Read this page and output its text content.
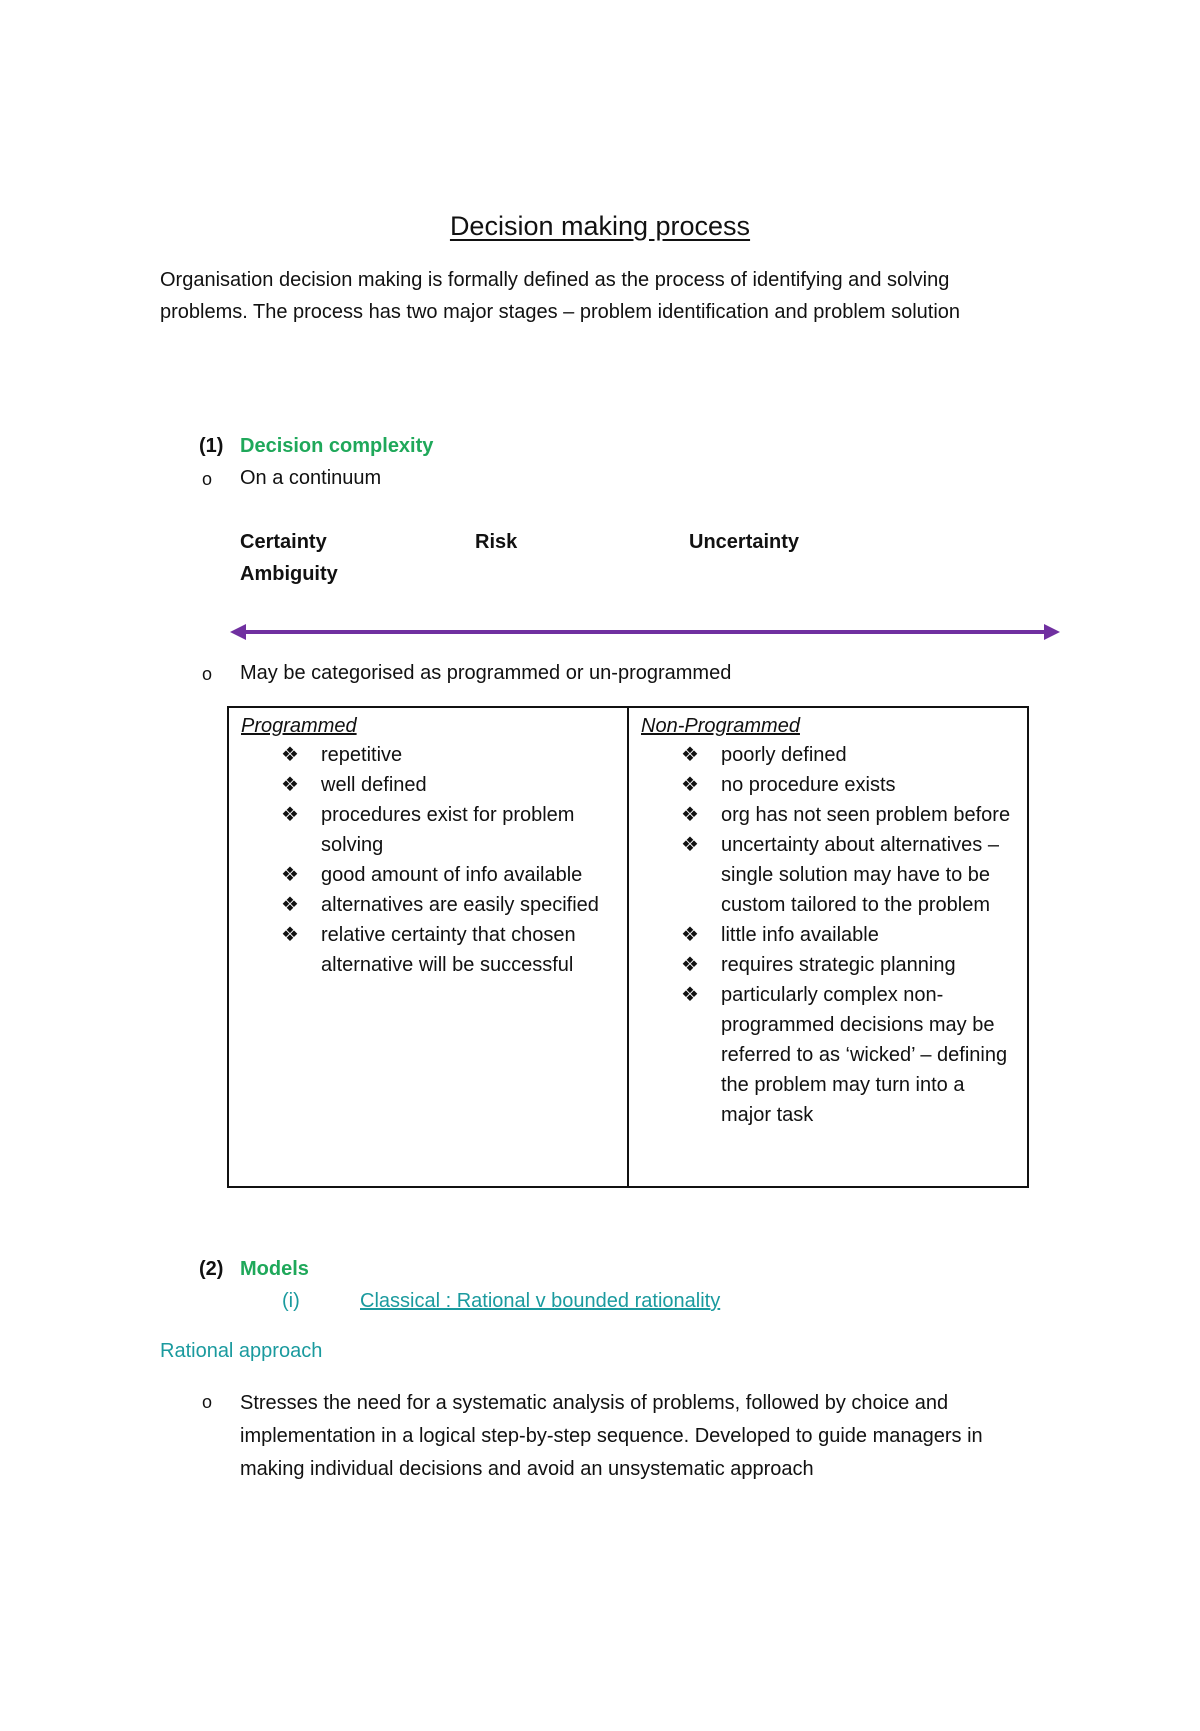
Decision making process
Organisation decision making is formally defined as the process of identifying and solving problems. The process has two major stages – problem identification and problem solution
(1) Decision complexity
o On a continuum
Certainty	Risk	Uncertainty
Ambiguity
o May be categorised as programmed or un-programmed
Programmed
❖ repetitive
❖ well defined
❖ procedures exist for problem solving
❖ good amount of info available
❖ alternatives are easily specified
❖ relative certainty that chosen alternative will be successful

Non-Programmed
❖ poorly defined
❖ no procedure exists
❖ org has not seen problem before
❖ uncertainty about alternatives – single solution may have to be custom tailored to the problem
❖ little info available
❖ requires strategic planning
❖ particularly complex non-programmed decisions may be referred to as ‘wicked’ – defining the problem may turn into a major task
(2) Models
(i)	Classical : Rational v bounded rationality
Rational approach
o Stresses the need for a systematic analysis of problems, followed by choice and implementation in a logical step-by-step sequence. Developed to guide managers in making individual decisions and avoid an unsystematic approach
